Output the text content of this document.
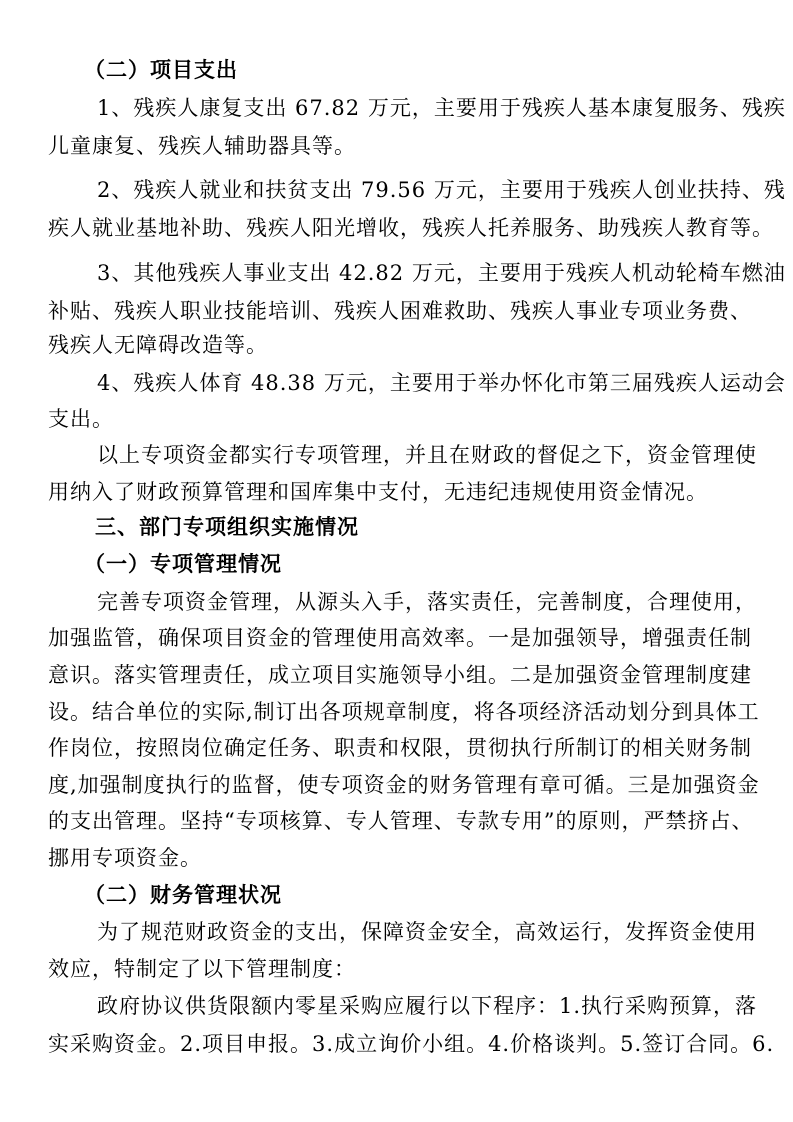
（二）项目支出
1、残疾人康复支出 67.82 万元，主要用于残疾人基本康复服务、残疾
儿童康复、残疾人辅助器具等。
2、残疾人就业和扶贫支出 79.56 万元，主要用于残疾人创业扶持、残
疾人就业基地补助、残疾人阳光增收，残疾人托养服务、助残疾人教育等。
3、其他残疾人事业支出 42.82 万元，主要用于残疾人机动轮椅车燃油
补贴、残疾人职业技能培训、残疾人困难救助、残疾人事业专项业务费、
残疾人无障碍改造等。
4、残疾人体育 48.38 万元，主要用于举办怀化市第三届残疾人运动会
支出。
以上专项资金都实行专项管理，并且在财政的督促之下，资金管理使
用纳入了财政预算管理和国库集中支付，无违纪违规使用资金情况。
三、部门专项组织实施情况
（一）专项管理情况
完善专项资金管理，从源头入手，落实责任，完善制度，合理使用，
加强监管，确保项目资金的管理使用高效率。一是加强领导，增强责任制
意识。落实管理责任，成立项目实施领导小组。二是加强资金管理制度建
设。结合单位的实际,制订出各项规章制度，将各项经济活动划分到具体工
作岗位，按照岗位确定任务、职责和权限，贯彻执行所制订的相关财务制
度,加强制度执行的监督，使专项资金的财务管理有章可循。三是加强资金
的支出管理。坚持“专项核算、专人管理、专款专用”的原则，严禁挤占、
挪用专项资金。
（二）财务管理状况
为了规范财政资金的支出，保障资金安全，高效运行，发挥资金使用
效应，特制定了以下管理制度：
政府协议供货限额内零星采购应履行以下程序：1.执行采购预算，落
实采购资金。2.项目申报。3.成立询价小组。4.价格谈判。5.签订合同。6.
